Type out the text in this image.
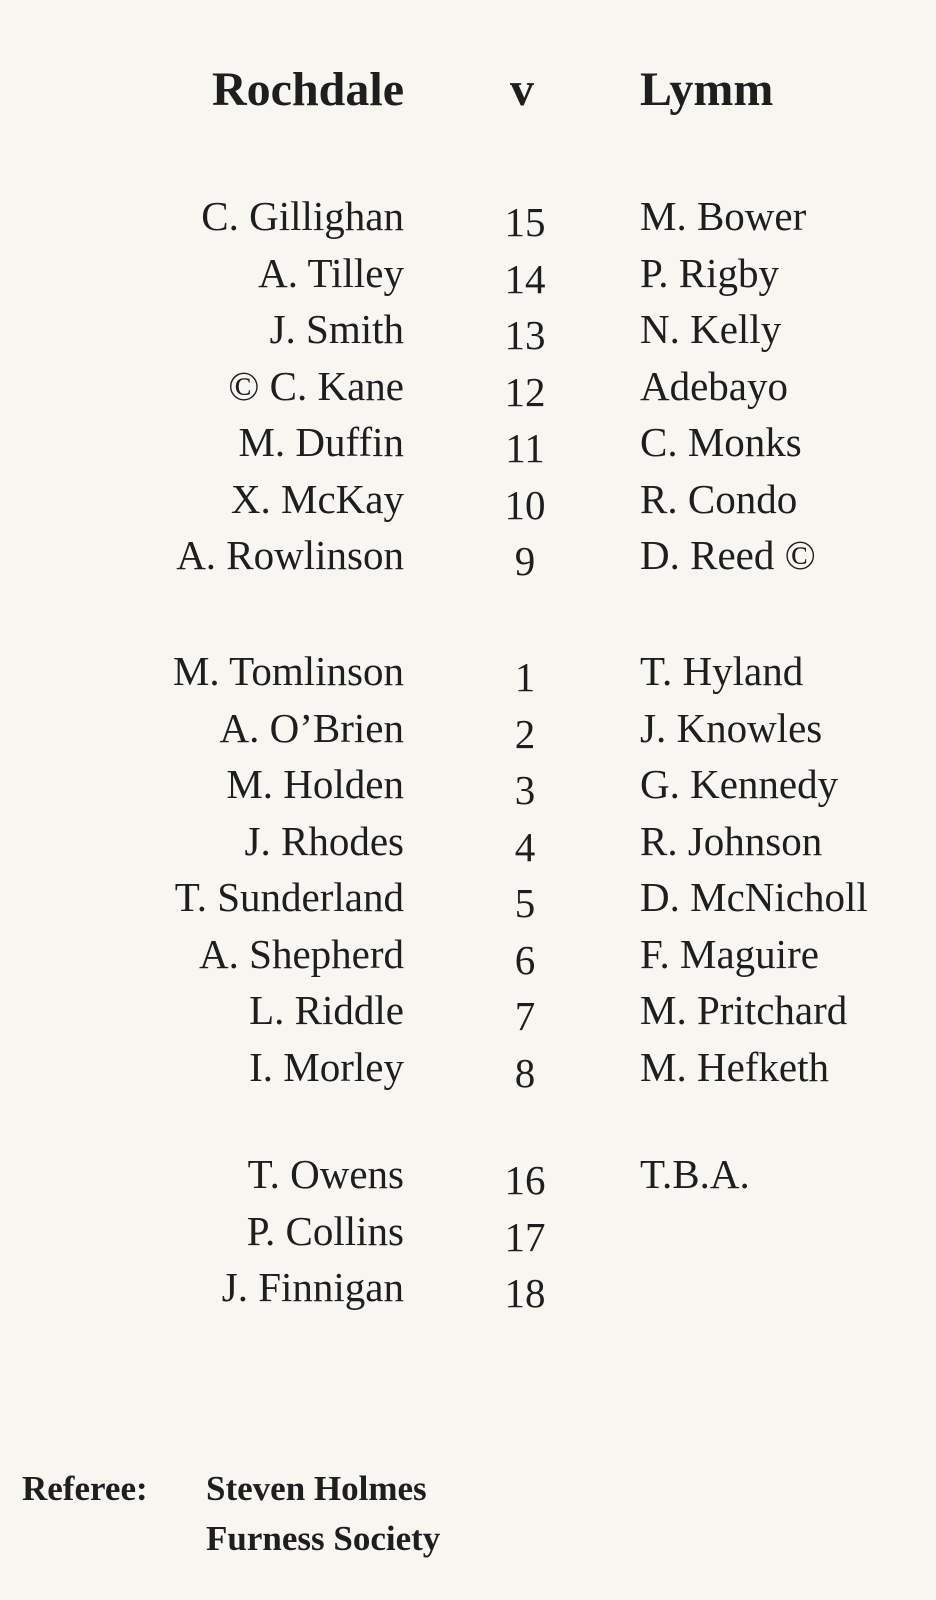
Rochdale	v	Lymm
C. Gillighan	15	M. Bower
A. Tilley	14	P. Rigby
J. Smith	13	N. Kelly
© C. Kane	12	Adebayo
M. Duffin	11	C. Monks
X. McKay	10	R. Condo
A. Rowlinson	9	D. Reed ©
M. Tomlinson	1	T. Hyland
A. O’Brien	2	J. Knowles
M. Holden	3	G. Kennedy
J. Rhodes	4	R. Johnson
T. Sunderland	5	D. McNicholl
A. Shepherd	6	F. Maguire
L. Riddle	7	M. Pritchard
I. Morley	8	M. Hefketh
T. Owens	16	T.B.A.
P. Collins	17
J. Finnigan	18
Referee: Steven Holmes
Furness Society
